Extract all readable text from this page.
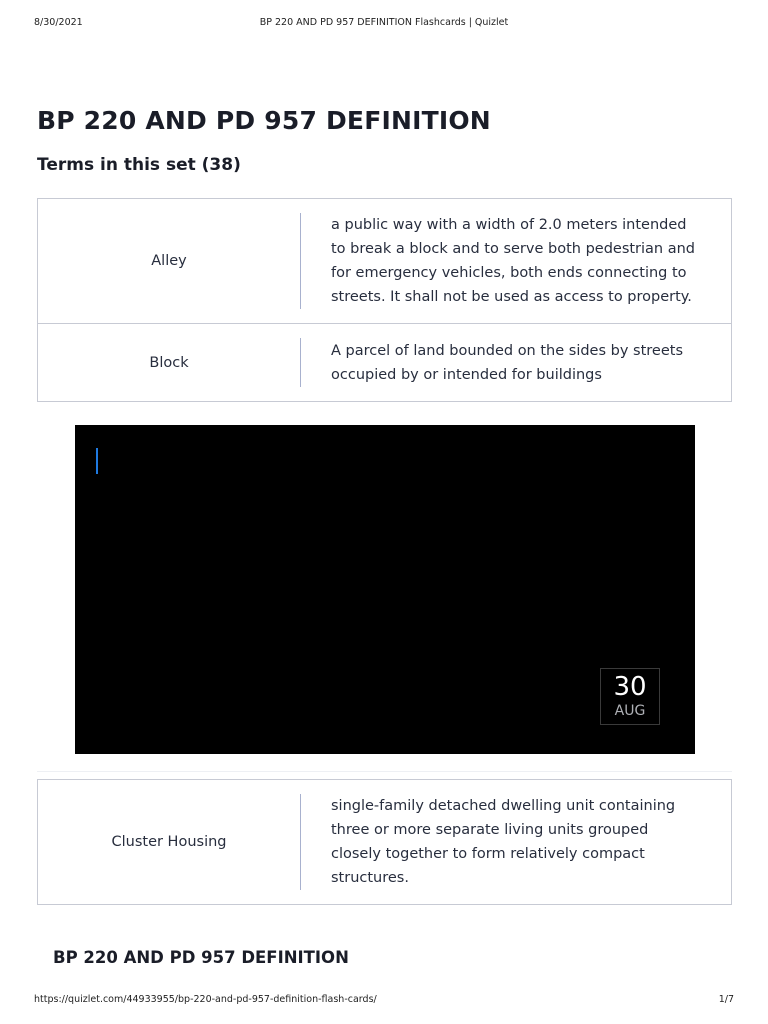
8/30/2021	BP 220 AND PD 957 DEFINITION Flashcards | Quizlet
BP 220 AND PD 957 DEFINITION
Terms in this set (38)
Alley
a public way with a width of 2.0 meters intended
to break a block and to serve both pedestrian and
for emergency vehicles, both ends connecting to
streets. It shall not be used as access to property.
Block
A parcel of land bounded on the sides by streets
occupied by or intended for buildings
30
AUG
Cluster Housing
single-family detached dwelling unit containing
three or more separate living units grouped
closely together to form relatively compact
structures.
BP 220 AND PD 957 DEFINITION
https://quizlet.com/44933955/bp-220-and-pd-957-definition-flash-cards/	1/7
